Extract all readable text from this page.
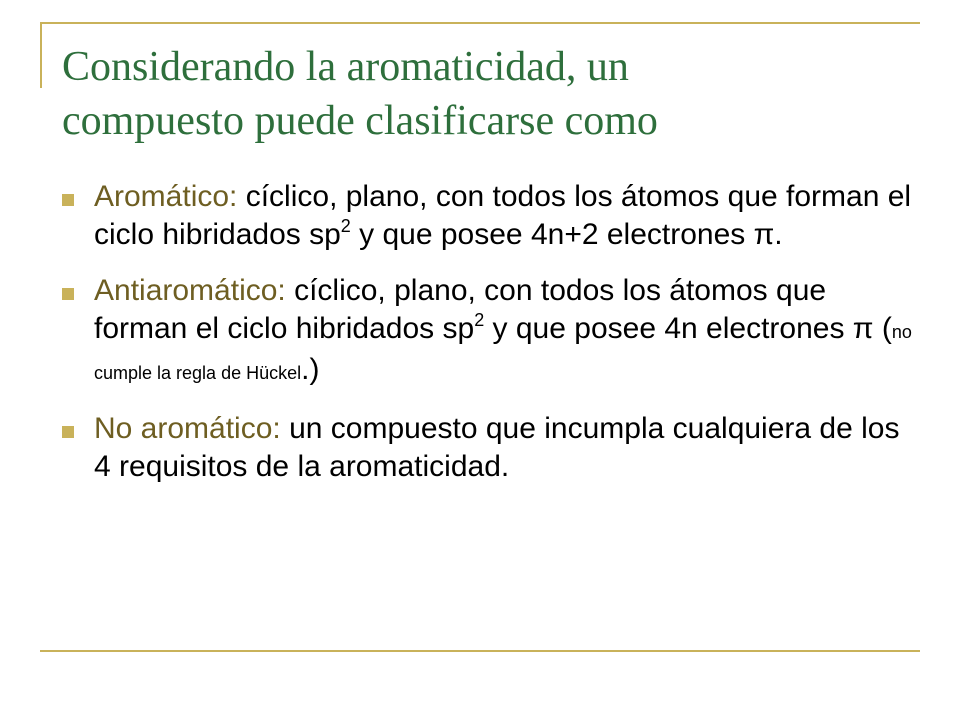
Considerando la aromaticidad, un
compuesto puede clasificarse como
Aromático: cíclico, plano, con todos los átomos que forman el ciclo hibridados $sp^2$ y que posee 4n+2 electrones π.
Antiaromático: cíclico, plano, con todos los átomos que forman el ciclo hibridados $sp^2$ y que posee 4n electrones π (no cumple la regla de Hückel.)
No aromático: un compuesto que incumpla cualquiera de los 4 requisitos de la aromaticidad.
